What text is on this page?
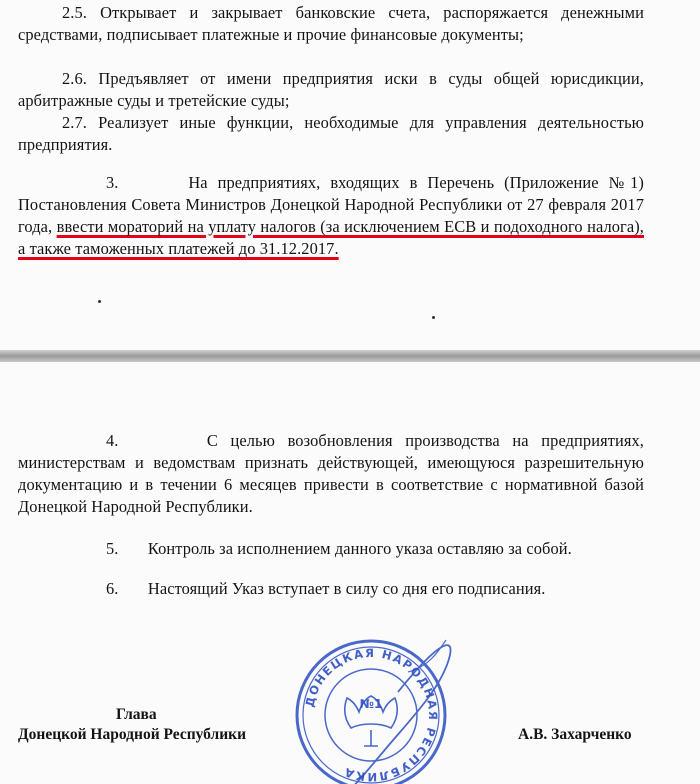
2.5. Открывает и закрывает банковские счета, распоряжается денежными средствами, подписывает платежные и прочие финансовые документы;

2.6. Предъявляет от имени предприятия иски в суды общей юрисдикции, арбитражные суды и третейские суды;

2.7. Реализует иные функции, необходимые для управления деятельностью предприятия.

3.	На предприятиях, входящих в Перечень (Приложение №1) Постановления Совета Министров Донецкой Народной Республики от 27 февраля 2017 года, ввести мораторий на уплату налогов (за исключением ЕСВ и подоходного налога), а также таможенных платежей до 31.12.2017.

4.	С целью возобновления производства на предприятиях, министерствам и ведомствам признать действующей, имеющуюся разрешительную документацию и в течении 6 месяцев привести в соответствие с нормативной базой Донецкой Народной Республики.

5. Контроль за исполнением данного указа оставляю за собой.

6. Настоящий Указ вступает в силу со дня его подписания.

ДОНЕЦКАЯ НАРОДНАЯ РЕСПУБЛИКА
№1
Глава
Донецкой Народной Республики	А.В. Захарченко
